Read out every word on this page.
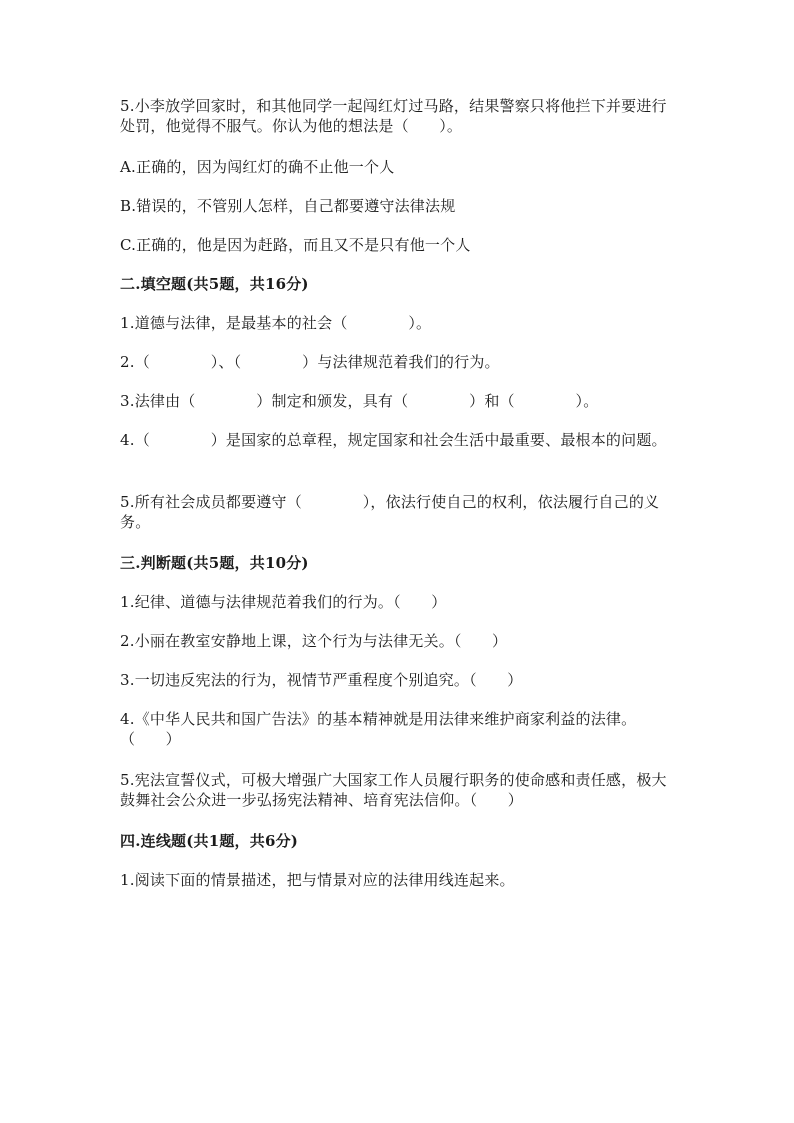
5.小李放学回家时，和其他同学一起闯红灯过马路，结果警察只将他拦下并要进行处罚，他觉得不服气。你认为他的想法是（　　）。
A.正确的，因为闯红灯的确不止他一个人
B.错误的，不管别人怎样，自己都要遵守法律法规
C.正确的，他是因为赶路，而且又不是只有他一个人
二.填空题(共5题，共16分)
1.道德与法律，是最基本的社会（　　　　）。
2.（　　　　）、（　　　　）与法律规范着我们的行为。
3.法律由（　　　　）制定和颁发，具有（　　　　）和（　　　　）。
4.（　　　　）是国家的总章程，规定国家和社会生活中最重要、最根本的问题。
5.所有社会成员都要遵守（　　　　），依法行使自己的权利，依法履行自己的义务。
三.判断题(共5题，共10分)
1.纪律、道德与法律规范着我们的行为。（　　）
2.小丽在教室安静地上课，这个行为与法律无关。（　　）
3.一切违反宪法的行为，视情节严重程度个别追究。（　　）
4.《中华人民共和国广告法》的基本精神就是用法律来维护商家利益的法律。（　　）
5.宪法宣誓仪式，可极大增强广大国家工作人员履行职务的使命感和责任感，极大鼓舞社会公众进一步弘扬宪法精神、培育宪法信仰。（　　）
四.连线题(共1题，共6分)
1.阅读下面的情景描述，把与情景对应的法律用线连起来。
